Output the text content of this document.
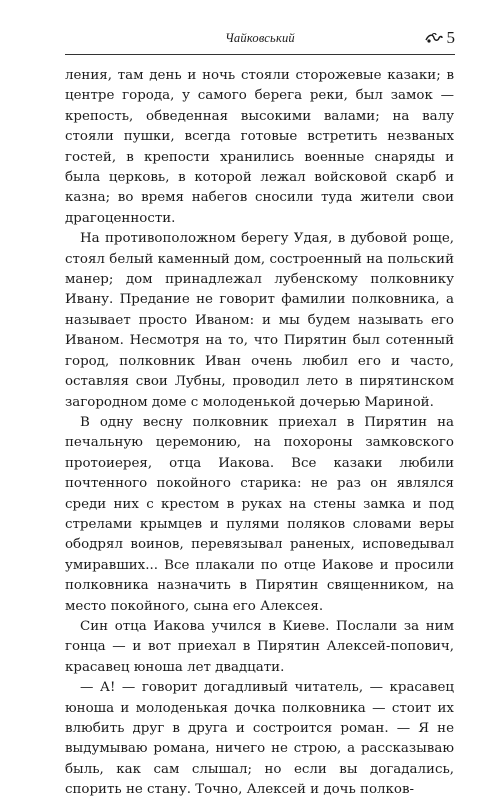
Чайковський	5

ления, там день и ночь стояли сторожевые казаки; в центре города, у самого берега реки, был замок — крепость, обведенная высокими валами; на валу стояли пушки, всегда готовые встретить незваных гостей, в крепости хранились военные снаряды и была церковь, в которой лежал войсковой скарб и казна; во время набегов сносили туда жители свои драгоценности.

На противоположном берегу Удая, в дубовой роще, стоял белый каменный дом, состроенный на польский манер; дом принадлежал лубенскому полковнику Ивану. Предание не говорит фамилии полковника, а называет просто Иваном: и мы будем называть его Иваном. Несмотря на то, что Пирятин был сотенный город, полковник Иван очень любил его и часто, оставляя свои Лубны, проводил лето в пирятинском загородном доме с молоденькой дочерью Мариной.

В одну весну полковник приехал в Пирятин на печальную церемонию, на похороны замковского протоиерея, отца Иакова. Все казаки любили почтенного покойного старика: не раз он являлся среди них с крестом в руках на стены замка и под стрелами крымцев и пулями поляков словами веры ободрял воинов, перевязывал раненых, исповедывал умиравших... Все плакали по отце Иакове и просили полковника назначить в Пирятин священником, на место покойного, сына его Алексея.

Син отца Иакова учился в Киеве. Послали за ним гонца — и вот приехал в Пирятин Алексей-попович, красавец юноша лет двадцати.

— А! — говорит догадливый читатель, — красавец юноша и молоденькая дочка полковника — стоит их влюбить друг в друга и состроится роман. — Я не выдумываю романа, ничего не строю, а рассказываю быль, как сам слышал; но если вы догадались, спорить не стану. Точно, Алексей и дочь полков-
